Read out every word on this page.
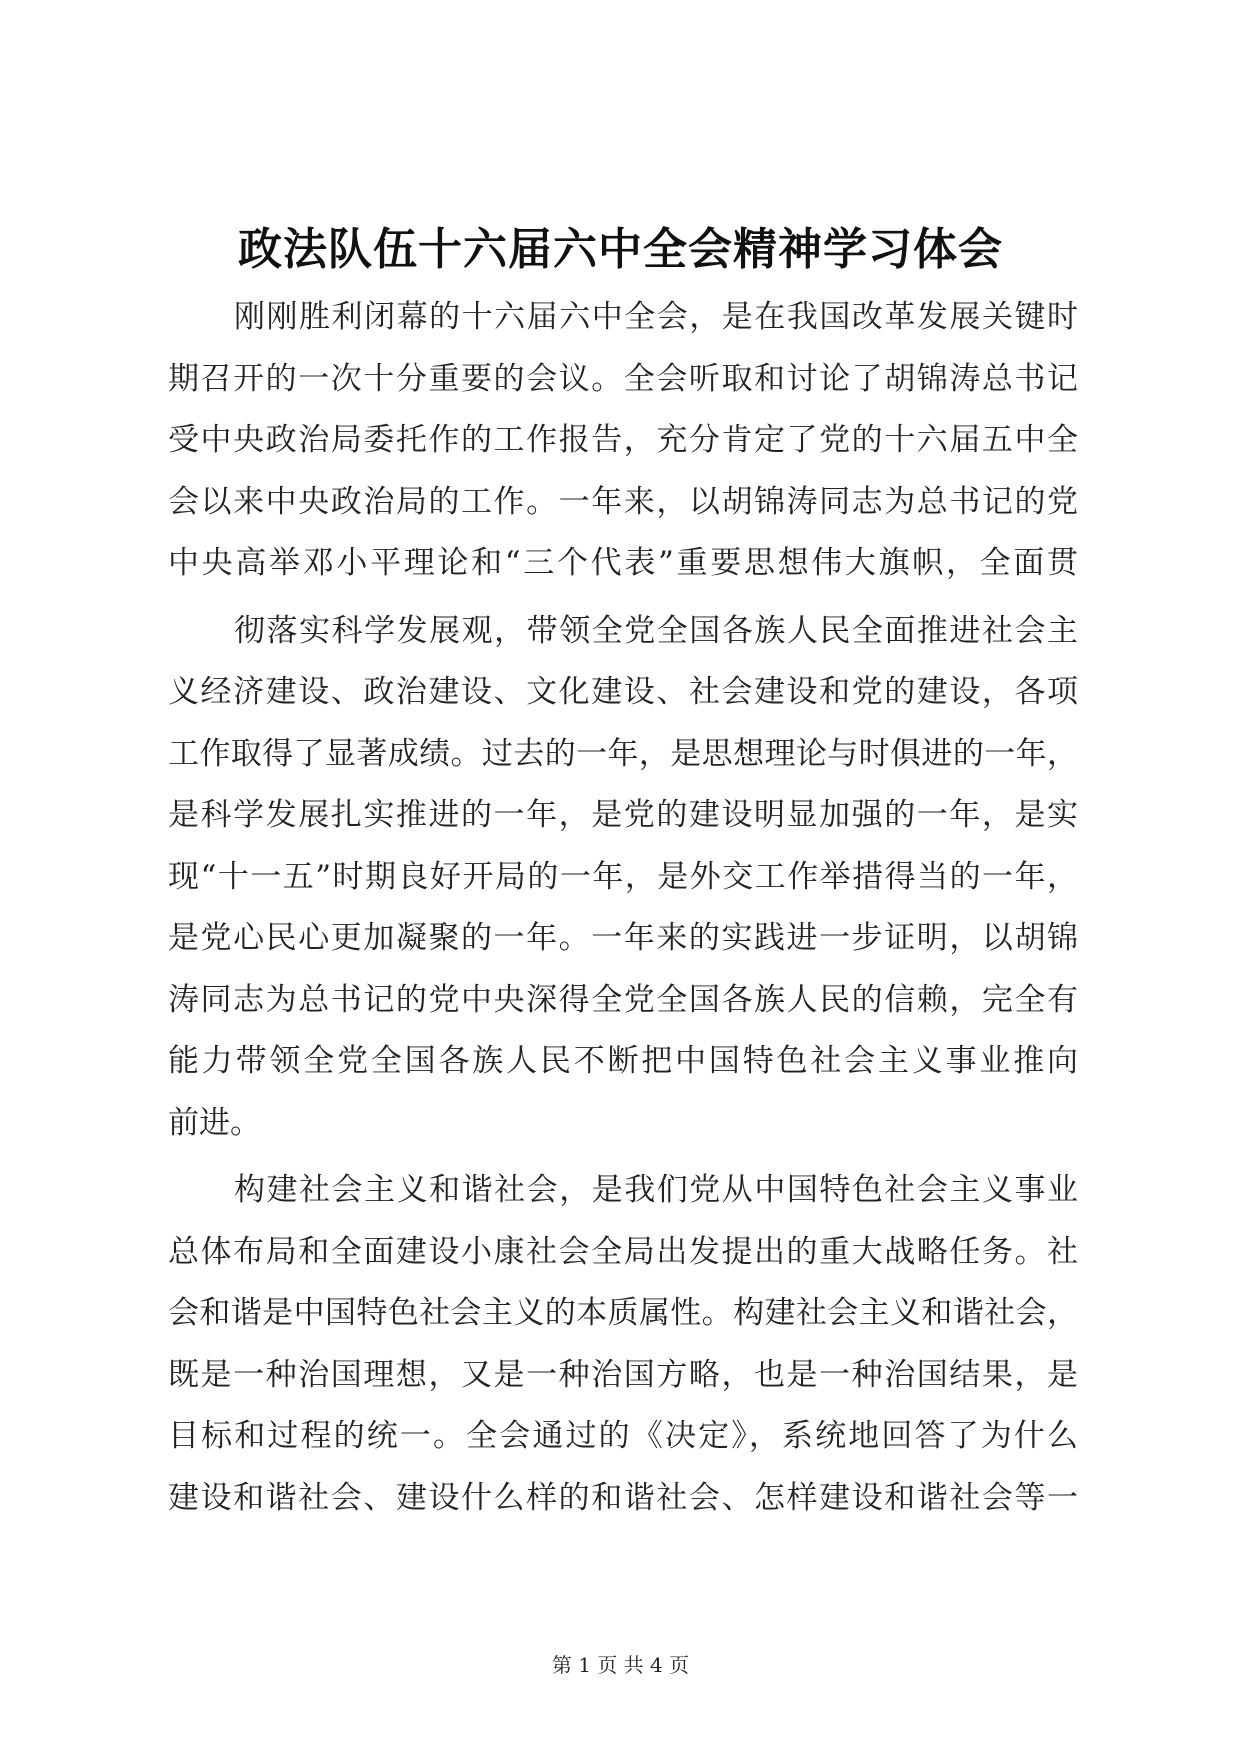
政法队伍十六届六中全会精神学习体会
刚刚胜利闭幕的十六届六中全会，是在我国改革发展关键时
期召开的一次十分重要的会议。全会听取和讨论了胡锦涛总书记
受中央政治局委托作的工作报告，充分肯定了党的十六届五中全
会以来中央政治局的工作。一年来，以胡锦涛同志为总书记的党
中央高举邓小平理论和“三个代表”重要思想伟大旗帜，全面贯
彻落实科学发展观，带领全党全国各族人民全面推进社会主
义经济建设、政治建设、文化建设、社会建设和党的建设，各项
工作取得了显著成绩。过去的一年，是思想理论与时俱进的一年，
是科学发展扎实推进的一年，是党的建设明显加强的一年，是实
现“十一五”时期良好开局的一年，是外交工作举措得当的一年，
是党心民心更加凝聚的一年。一年来的实践进一步证明，以胡锦
涛同志为总书记的党中央深得全党全国各族人民的信赖，完全有
能力带领全党全国各族人民不断把中国特色社会主义事业推向
前进。
构建社会主义和谐社会，是我们党从中国特色社会主义事业
总体布局和全面建设小康社会全局出发提出的重大战略任务。社
会和谐是中国特色社会主义的本质属性。构建社会主义和谐社会，
既是一种治国理想，又是一种治国方略，也是一种治国结果，是
目标和过程的统一。全会通过的《决定》，系统地回答了为什么
建设和谐社会、建设什么样的和谐社会、怎样建设和谐社会等一
第 1 页 共 4 页
